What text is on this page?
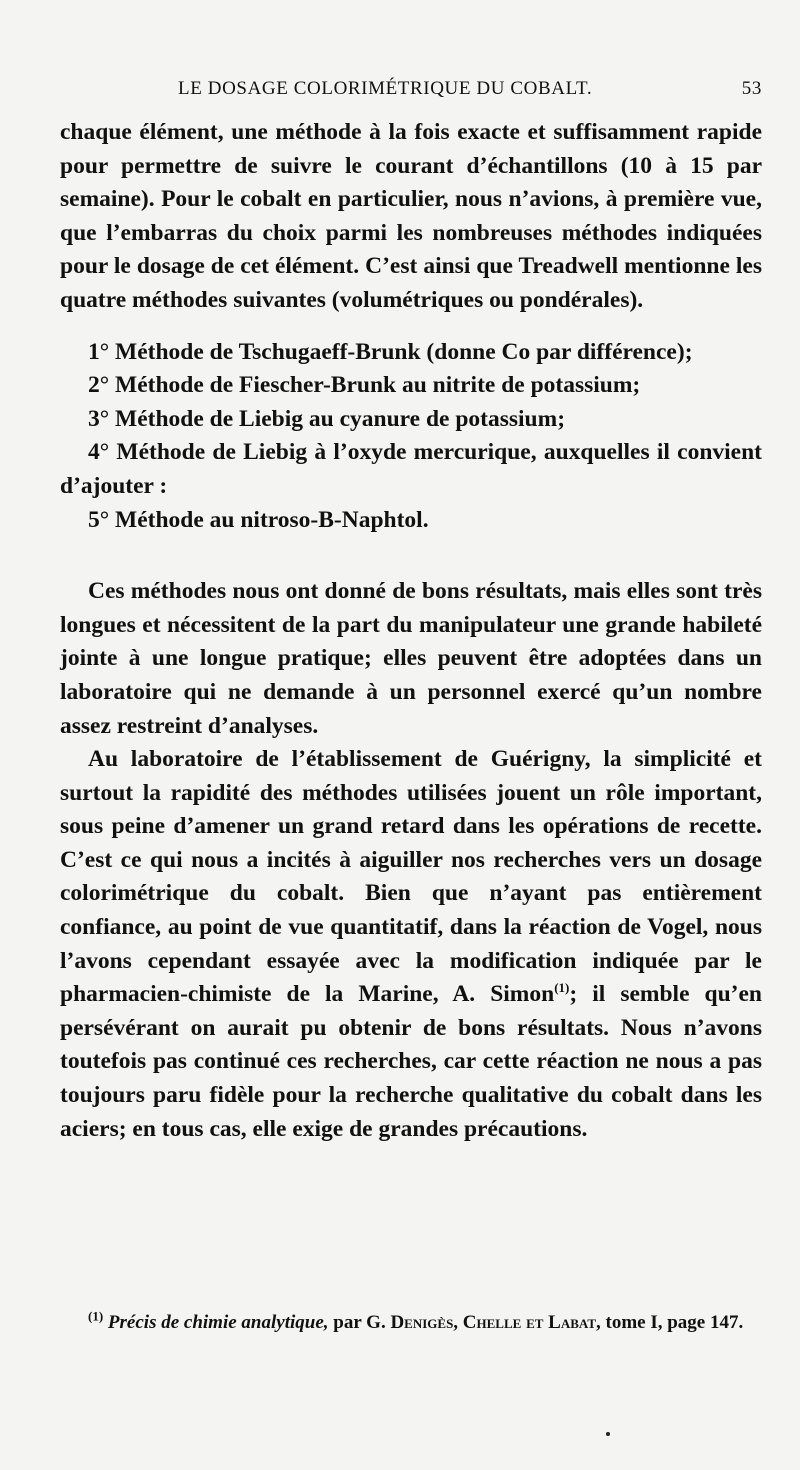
LE DOSAGE COLORIMÉTRIQUE DU COBALT.	53

chaque élément, une méthode à la fois exacte et suffisamment rapide pour permettre de suivre le courant d’échantillons (10 à 15 par semaine). Pour le cobalt en particulier, nous n’avions, à première vue, que l’embarras du choix parmi les nombreuses méthodes indiquées pour le dosage de cet élément. C’est ainsi que Treadwell mentionne les quatre méthodes suivantes (volumétriques ou pondérales).

1° Méthode de Tschugaeff-Brunk (donne Co par différence);

2° Méthode de Fiescher-Brunk au nitrite de potassium;

3° Méthode de Liebig au cyanure de potassium;

4° Méthode de Liebig à l’oxyde mercurique, auxquelles il convient d’ajouter :

5° Méthode au nitroso-B-Naphtol.

Ces méthodes nous ont donné de bons résultats, mais elles sont très longues et nécessitent de la part du manipulateur une grande habileté jointe à une longue pratique; elles peuvent être adoptées dans un laboratoire qui ne demande à un personnel exercé qu’un nombre assez restreint d’analyses.

Au laboratoire de l’établissement de Guérigny, la simplicité et surtout la rapidité des méthodes utilisées jouent un rôle important, sous peine d’amener un grand retard dans les opérations de recette. C’est ce qui nous a incités à aiguiller nos recherches vers un dosage colorimétrique du cobalt. Bien que n’ayant pas entièrement confiance, au point de vue quantitatif, dans la réaction de Vogel, nous l’avons cependant essayée avec la modification indiquée par le pharmacien-chimiste de la Marine, A. Simon$^{(1)}$; il semble qu’en persévérant on aurait pu obtenir de bons résultats. Nous n’avons toutefois pas continué ces recherches, car cette réaction ne nous a pas toujours paru fidèle pour la recherche qualitative du cobalt dans les aciers; en tous cas, elle exige de grandes précautions.

$^{(1)}$ Précis de chimie analytique, par G. Denigès, Chelle et Labat, tome I, page 147.
